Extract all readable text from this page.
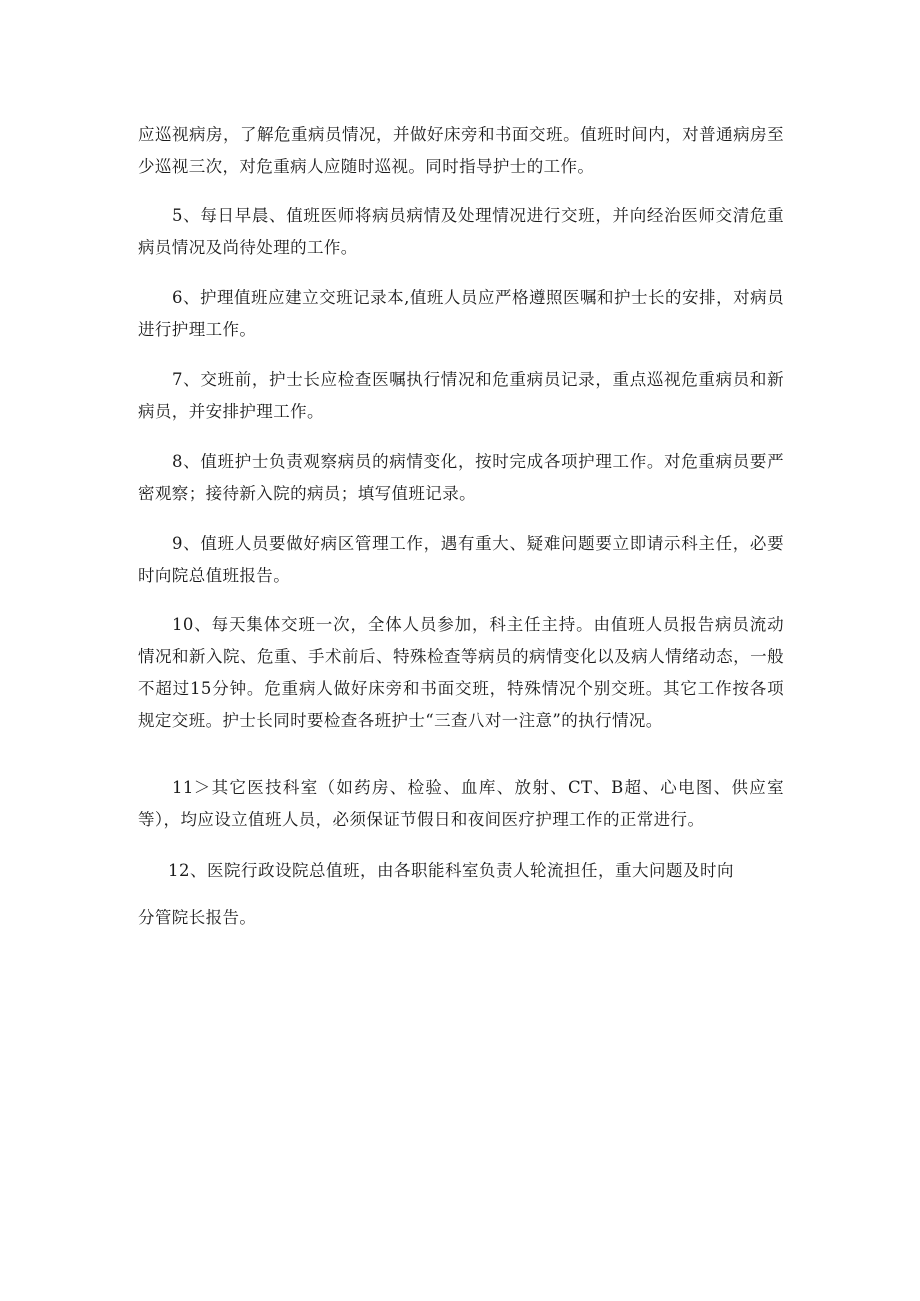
应巡视病房，了解危重病员情况，并做好床旁和书面交班。值班时间内，对普通病房至少巡视三次，对危重病人应随时巡视。同时指导护士的工作。

5、每日早晨、值班医师将病员病情及处理情况进行交班，并向经治医师交清危重病员情况及尚待处理的工作。

6、护理值班应建立交班记录本,值班人员应严格遵照医嘱和护士长的安排，对病员进行护理工作。

7、交班前，护士长应检查医嘱执行情况和危重病员记录，重点巡视危重病员和新病员，并安排护理工作。

8、值班护士负责观察病员的病情变化，按时完成各项护理工作。对危重病员要严密观察；接待新入院的病员；填写值班记录。

9、值班人员要做好病区管理工作，遇有重大、疑难问题要立即请示科主任，必要时向院总值班报告。

10、每天集体交班一次，全体人员参加，科主任主持。由值班人员报告病员流动情况和新入院、危重、手术前后、特殊检查等病员的病情变化以及病人情绪动态，一般不超过15分钟。危重病人做好床旁和书面交班，特殊情况个别交班。其它工作按各项规定交班。护士长同时要检查各班护士“三查八对一注意”的执行情况。

11＞其它医技科室（如药房、检验、血库、放射、CT、B超、心电图、供应室等），均应设立值班人员，必须保证节假日和夜间医疗护理工作的正常进行。

12、医院行政设院总值班，由各职能科室负责人轮流担任，重大问题及时向

分管院长报告。
